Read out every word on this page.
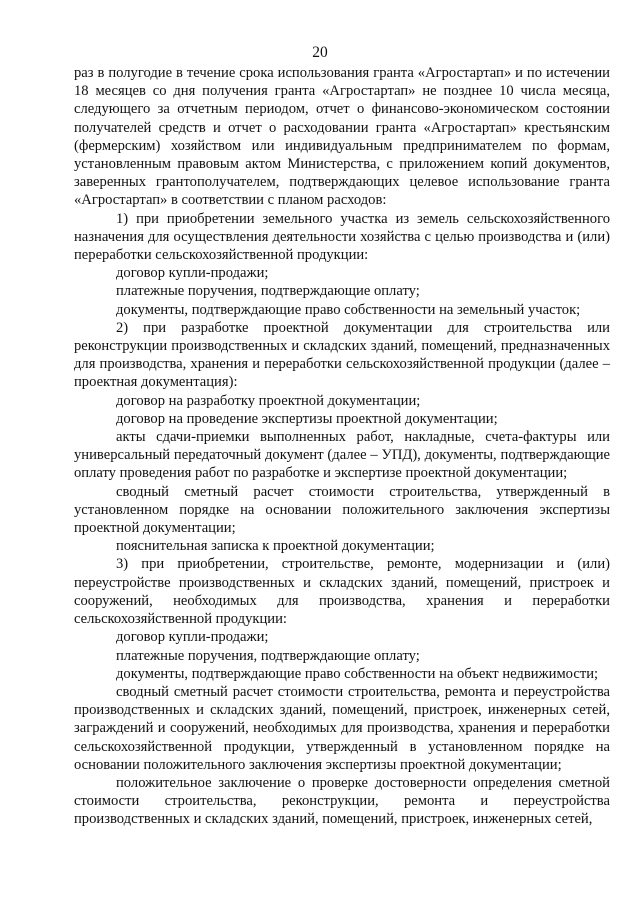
20

раз в полугодие в течение срока использования гранта «Агростартап» и по истечении 18 месяцев со дня получения гранта «Агростартап» не позднее 10 числа месяца, следующего за отчетным периодом, отчет о финансово-экономическом состоянии получателей средств и отчет о расходовании гранта «Агростартап» крестьянским (фермерским) хозяйством или индивидуальным предпринимателем по формам, установленным правовым актом Министерства, с приложением копий документов, заверенных грантополучателем, подтверждающих целевое использование гранта «Агростартап» в соответствии с планом расходов:

1) при приобретении земельного участка из земель сельскохозяйственного назначения для осуществления деятельности хозяйства с целью производства и (или) переработки сельскохозяйственной продукции:

договор купли-продажи;

платежные поручения, подтверждающие оплату;

документы, подтверждающие право собственности на земельный участок;

2) при разработке проектной документации для строительства или реконструкции производственных и складских зданий, помещений, предназначенных для производства, хранения и переработки сельскохозяйственной продукции (далее – проектная документация):

договор на разработку проектной документации;

договор на проведение экспертизы проектной документации;

акты сдачи-приемки выполненных работ, накладные, счета-фактуры или универсальный передаточный документ (далее – УПД), документы, подтверждающие оплату проведения работ по разработке и экспертизе проектной документации;

сводный сметный расчет стоимости строительства, утвержденный в установленном порядке на основании положительного заключения экспертизы проектной документации;

пояснительная записка к проектной документации;

3) при приобретении, строительстве, ремонте, модернизации и (или) переустройстве производственных и складских зданий, помещений, пристроек и сооружений, необходимых для производства, хранения и переработки сельскохозяйственной продукции:

договор купли-продажи;

платежные поручения, подтверждающие оплату;

документы, подтверждающие право собственности на объект недвижимости;

сводный сметный расчет стоимости строительства, ремонта и переустройства производственных и складских зданий, помещений, пристроек, инженерных сетей, заграждений и сооружений, необходимых для производства, хранения и переработки сельскохозяйственной продукции, утвержденный в установленном порядке на основании положительного заключения экспертизы проектной документации;

положительное заключение о проверке достоверности определения сметной стоимости строительства, реконструкции, ремонта и переустройства производственных и складских зданий, помещений, пристроек, инженерных сетей,
